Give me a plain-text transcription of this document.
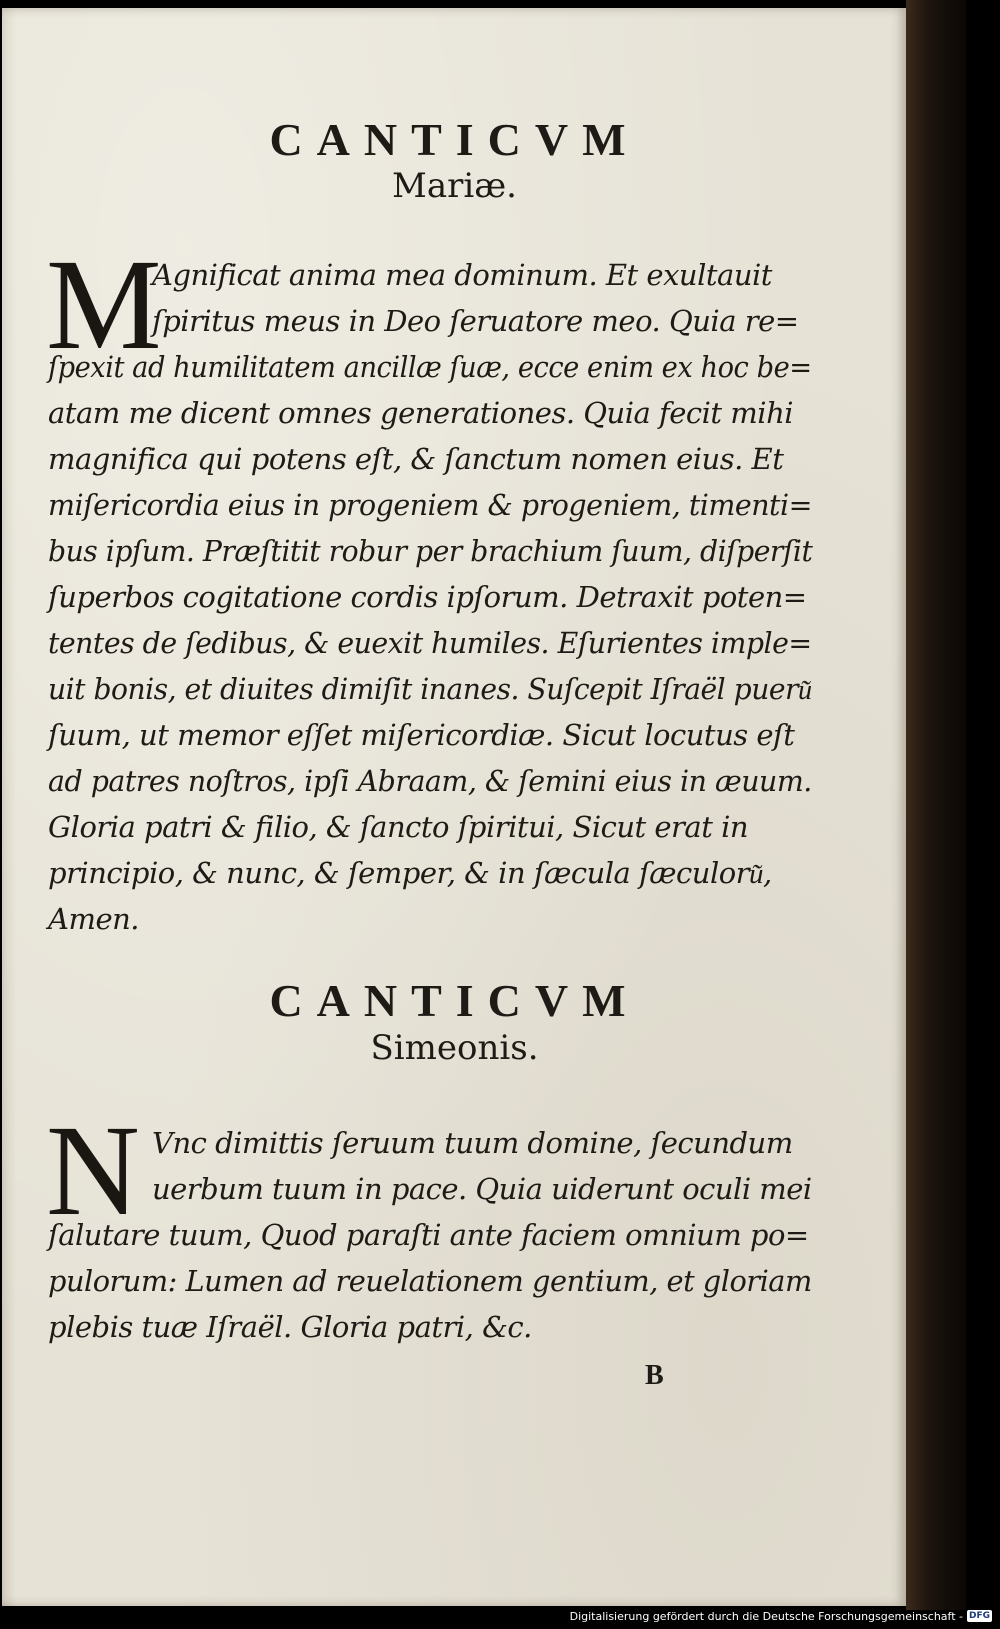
CANTICVM
Mariæ.
M
Agnificat anima mea dominum. Et exultauit
ſpiritus meus in Deo ſeruatore meo. Quia re=
ſpexit ad humilitatem ancillæ ſuæ, ecce enim ex hoc be=
atam me dicent omnes generationes. Quia fecit mihi
magnifica qui potens eſt, & ſanctum nomen eius. Et
miſericordia eius in progeniem & progeniem, timenti=
bus ipſum. Præſtitit robur per brachium ſuum, diſperſit
ſuperbos cogitatione cordis ipſorum. Detraxit poten=
tentes de ſedibus, & euexit humiles. Eſurientes imple=
uit bonis, et diuites dimiſit inanes. Suſcepit Iſraël pueru͂
ſuum, ut memor eſſet miſericordiæ. Sicut locutus eſt
ad patres noſtros, ipſi Abraam, & ſemini eius in æuum.
Gloria patri & filio, & ſancto ſpiritui, Sicut erat in
principio, & nunc, & ſemper, & in ſæcula ſæculoru͂,
Amen.
CANTICVM
Simeonis.
N Vnc dimittis ſeruum tuum domine, ſecundum
uerbum tuum in pace. Quia uiderunt oculi mei
ſalutare tuum, Quod paraſti ante faciem omnium po=
pulorum: Lumen ad reuelationem gentium, et gloriam
plebis tuæ Iſraël. Gloria patri, &c.
B
Digitalisierung gefördert durch die Deutsche Forschungsgemeinschaft - DFG
